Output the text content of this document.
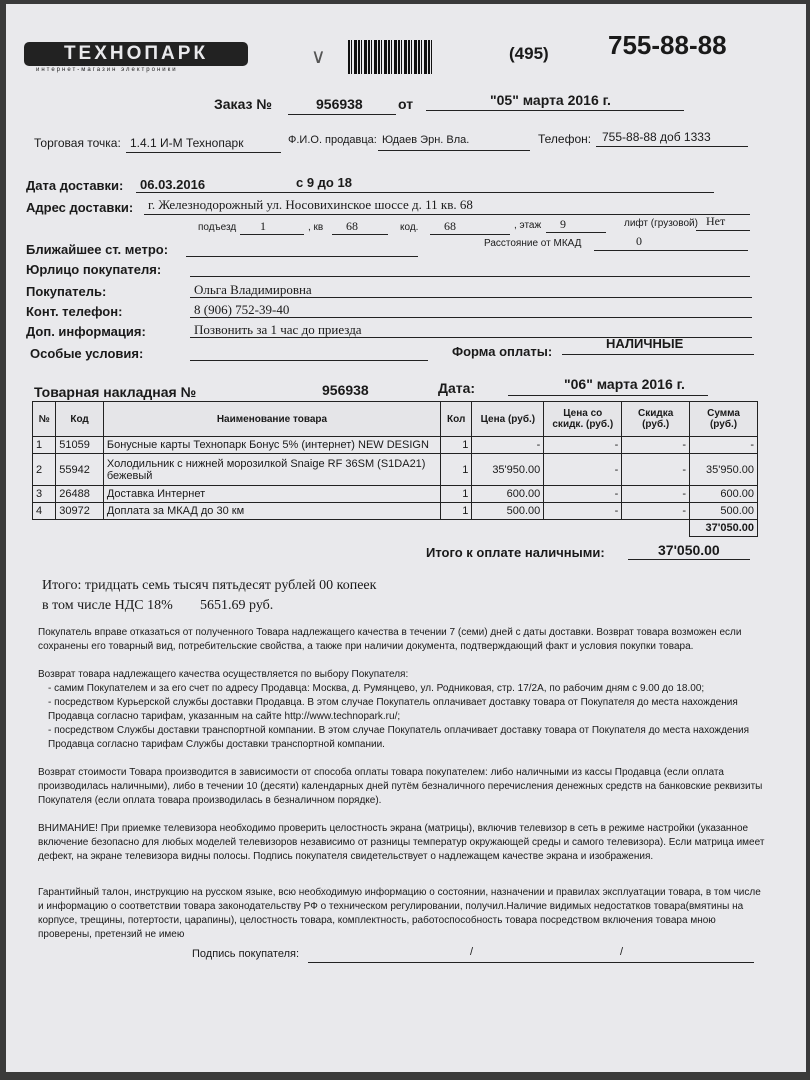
ТЕХНОПАРК
интернет-магазин электроники
∨	(495) 755-88-88
Заказ №	956938	от	"05" марта 2016 г.
Торговая точка: 1.4.1 И-М Технопарк	Ф.И.О. продавца: Юдаев Эрн. Вла.	Телефон: 755-88-88 доб 1333
Дата доставки: 06.03.2016	с 9 до 18
Адрес доставки: г. Железнодорожный ул. Носовихинское шоссе д. 11 кв. 68
подъезд 1	, кв 68	код. 68	, этаж 9	лифт (грузовой) Нет
Расстояние от МКАД	0
Ближайшее ст. метро:
Юрлицо покупателя:
Покупатель:	Ольга Владимировна
Конт. телефон:	8 (906) 752-39-40
Доп. информация:	Позвонить за 1 час до приезда
Особые условия:	Форма оплаты:
НАЛИЧНЫЕ
Товарная накладная №	956938	Дата:	"06" марта 2016 г.
№	Код	Наименование товара	Кол	Цена (руб.)	Цена со скидк. (руб.)	Скидка (руб.)	Сумма (руб.)
1	51059	Бонусные карты Технопарк Бонус 5% (интернет) NEW DESIGN	1	-	-	-	-
2	55942	Холодильник с нижней морозилкой Snaige RF 36SM (S1DA21) бежевый	1	35'950.00	-	-	35'950.00
3	26488	Доставка Интернет	1	600.00	-	-	600.00
4	30972	Доплата за МКАД до 30 км	1	500.00	-	-	500.00
							37'050.00
Итого к оплате наличными:	37'050.00
Итого: тридцать семь тысяч пятьдесят рублей 00 копеек
в том числе НДС 18% 5651.69 руб.
Покупатель вправе отказаться от полученного Товара надлежащего качества в течении 7 (семи) дней с даты доставки. Возврат товара возможен если сохранены его товарный вид, потребительские свойства, а также при наличии документа, подтверждающий факт и условия покупки товара.
Возврат товара надлежащего качества осуществляется по выбору Покупателя:
- самим Покупателем и за его счет по адресу Продавца: Москва, д. Румянцево, ул. Родниковая, стр. 17/2А, по рабочим дням с 9.00 до 18.00;
- посредством Курьерской службы доставки Продавца. В этом случае Покупатель оплачивает доставку товара от Покупателя до места нахождения Продавца согласно тарифам, указанным на сайте http://www.technopark.ru/;
- посредством Службы доставки транспортной компании. В этом случае Покупатель оплачивает доставку товара от Покупателя до места нахождения Продавца согласно тарифам Службы доставки транспортной компании.
Возврат стоимости Товара производится в зависимости от способа оплаты товара покупателем: либо наличными из кассы Продавца (если оплата производилась наличными), либо в течении 10 (десяти) календарных дней путём безналичного перечисления денежных средств на банковские реквизиты Покупателя (если оплата товара производилась в безналичном порядке).
ВНИМАНИЕ! При приемке телевизора необходимо проверить целостность экрана (матрицы), включив телевизор в сеть в режиме настройки (указанное включение безопасно для любых моделей телевизоров независимо от разницы температур окружающей среды и самого телевизора). Если матрица имеет дефект, на экране телевизора видны полосы. Подпись покупателя свидетельствует о надлежащем качестве экрана и изображения.
Гарантийный талон, инструкцию на русском языке, всю необходимую информацию о состоянии, назначении и правилах эксплуатации товара, в том числе и информацию о соответствии товара законодательству РФ о техническом регулировании, получил.Наличие видимых недостатков товара(вмятины на корпусе, трещины, потертости, царапины), целостность товара, комплектность, работоспособность товара посредством включения товара мною проверены, претензий не имею
Подпись покупателя:	/	/
